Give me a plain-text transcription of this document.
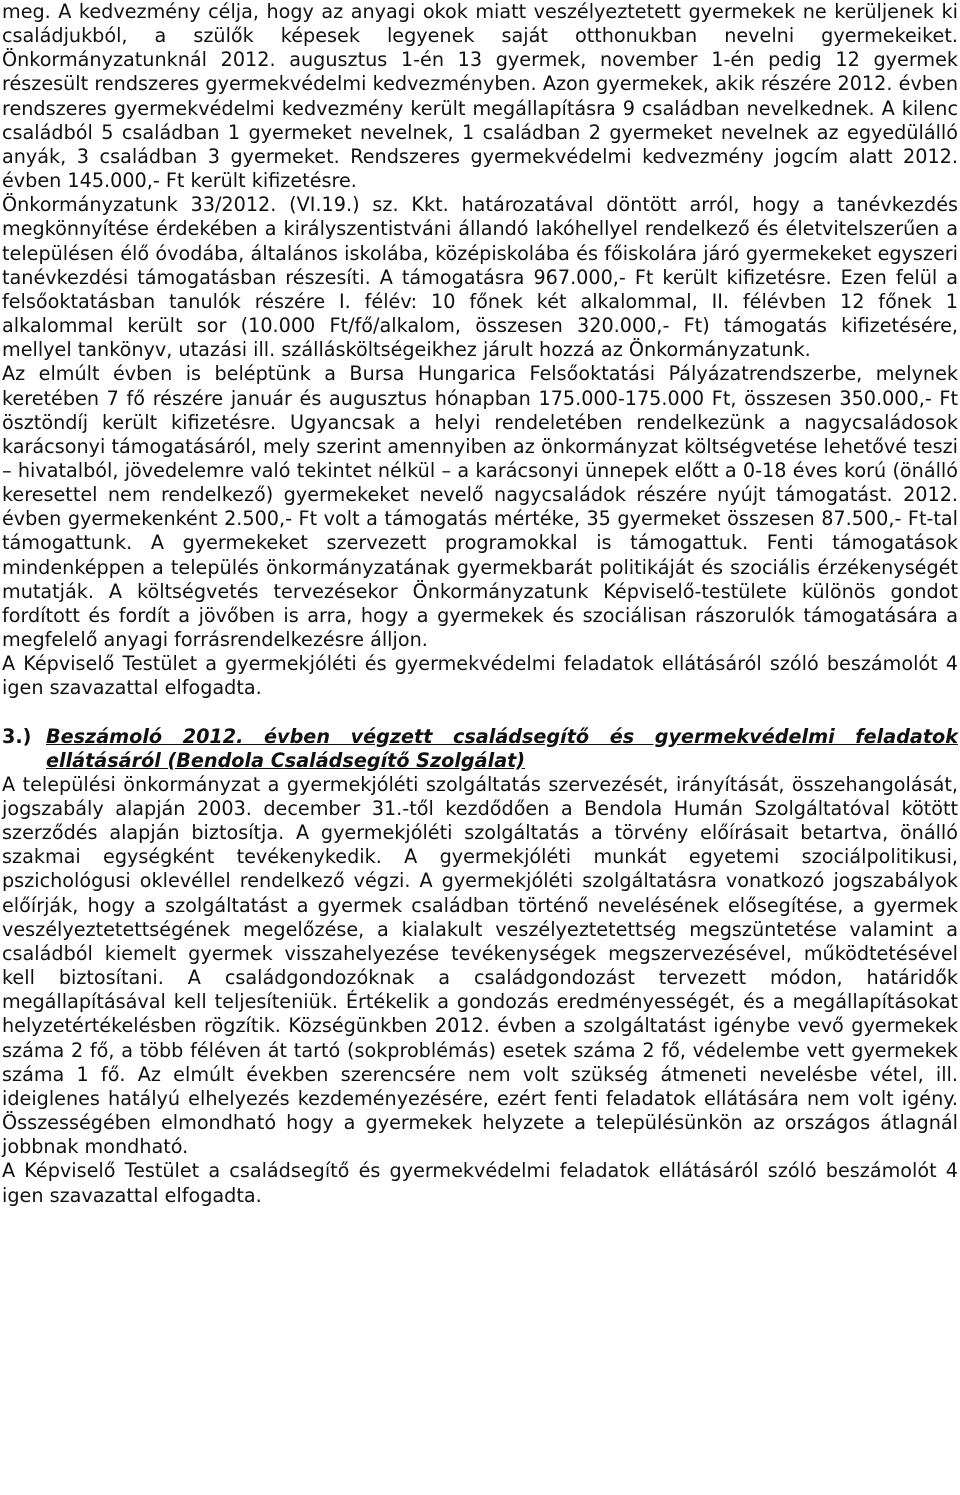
meg. A kedvezmény célja, hogy az anyagi okok miatt veszélyeztetett gyermekek ne kerüljenek ki családjukból, a szülők képesek legyenek saját otthonukban nevelni gyermekeiket. Önkormányzatunknál 2012. augusztus 1-én 13 gyermek, november 1-én pedig 12 gyermek részesült rendszeres gyermekvédelmi kedvezményben. Azon gyermekek, akik részére 2012. évben rendszeres gyermekvédelmi kedvezmény került megállapításra 9 családban nevelkednek. A kilenc családból 5 családban 1 gyermeket nevelnek, 1 családban 2 gyermeket nevelnek az egyedülálló anyák, 3 családban 3 gyermeket. Rendszeres gyermekvédelmi kedvezmény jogcím alatt 2012. évben 145.000,- Ft került kifizetésre.

Önkormányzatunk 33/2012. (VI.19.) sz. Kkt. határozatával döntött arról, hogy a tanévkezdés megkönnyítése érdekében a királyszentistváni állandó lakóhellyel rendelkező és életvitelszerűen a településen élő óvodába, általános iskolába, középiskolába és főiskolára járó gyermekeket egyszeri tanévkezdési támogatásban részesíti. A támogatásra 967.000,- Ft került kifizetésre. Ezen felül a felsőoktatásban tanulók részére I. félév: 10 főnek két alkalommal, II. félévben 12 főnek 1 alkalommal került sor (10.000 Ft/fő/alkalom, összesen 320.000,- Ft) támogatás kifizetésére, mellyel tankönyv, utazási ill. szállásköltségeikhez járult hozzá az Önkormányzatunk.

Az elmúlt évben is beléptünk a Bursa Hungarica Felsőoktatási Pályázatrendszerbe, melynek keretében 7 fő részére január és augusztus hónapban 175.000-175.000 Ft, összesen 350.000,- Ft ösztöndíj került kifizetésre. Ugyancsak a helyi rendeletében rendelkezünk a nagycsaládosok karácsonyi támogatásáról, mely szerint amennyiben az önkormányzat költségvetése lehetővé teszi – hivatalból, jövedelemre való tekintet nélkül – a karácsonyi ünnepek előtt a 0-18 éves korú (önálló keresettel nem rendelkező) gyermekeket nevelő nagycsaládok részére nyújt támogatást. 2012. évben gyermekenként 2.500,- Ft volt a támogatás mértéke, 35 gyermeket összesen 87.500,- Ft-tal támogattunk. A gyermekeket szervezett programokkal is támogattuk. Fenti támogatások mindenképpen a település önkormányzatának gyermekbarát politikáját és szociális érzékenységét mutatják. A költségvetés tervezésekor Önkormányzatunk Képviselő-testülete különös gondot fordított és fordít a jövőben is arra, hogy a gyermekek és szociálisan rászorulók támogatására a megfelelő anyagi forrásrendelkezésre álljon.

A Képviselő Testület a gyermekjóléti és gyermekvédelmi feladatok ellátásáról szóló beszámolót 4 igen szavazattal elfogadta.

3.) Beszámoló 2012. évben végzett családsegítő és gyermekvédelmi feladatok ellátásáról (Bendola Családsegítő Szolgálat)

A települési önkormányzat a gyermekjóléti szolgáltatás szervezését, irányítását, összehangolását, jogszabály alapján 2003. december 31.-től kezdődően a Bendola Humán Szolgáltatóval kötött szerződés alapján biztosítja. A gyermekjóléti szolgáltatás a törvény előírásait betartva, önálló szakmai egységként tevékenykedik. A gyermekjóléti munkát egyetemi szociálpolitikusi, pszichológusi oklevéllel rendelkező végzi. A gyermekjóléti szolgáltatásra vonatkozó jogszabályok előírják, hogy a szolgáltatást a gyermek családban történő nevelésének elősegítése, a gyermek veszélyeztetettségének megelőzése, a kialakult veszélyeztetettség megszüntetése valamint a családból kiemelt gyermek visszahelyezése tevékenységek megszervezésével, működtetésével kell biztosítani. A családgondozóknak a családgondozást tervezett módon, határidők megállapításával kell teljesíteniük. Értékelik a gondozás eredményességét, és a megállapításokat helyzetértékelésben rögzítik. Községünkben 2012. évben a szolgáltatást igénybe vevő gyermekek száma 2 fő, a több féléven át tartó (sokproblémás) esetek száma 2 fő, védelembe vett gyermekek száma 1 fő. Az elmúlt években szerencsére nem volt szükség átmeneti nevelésbe vétel, ill. ideiglenes hatályú elhelyezés kezdeményezésére, ezért fenti feladatok ellátására nem volt igény. Összességében elmondható hogy a gyermekek helyzete a településünkön az országos átlagnál jobbnak mondható.

A Képviselő Testület a családsegítő és gyermekvédelmi feladatok ellátásáról szóló beszámolót 4 igen szavazattal elfogadta.
